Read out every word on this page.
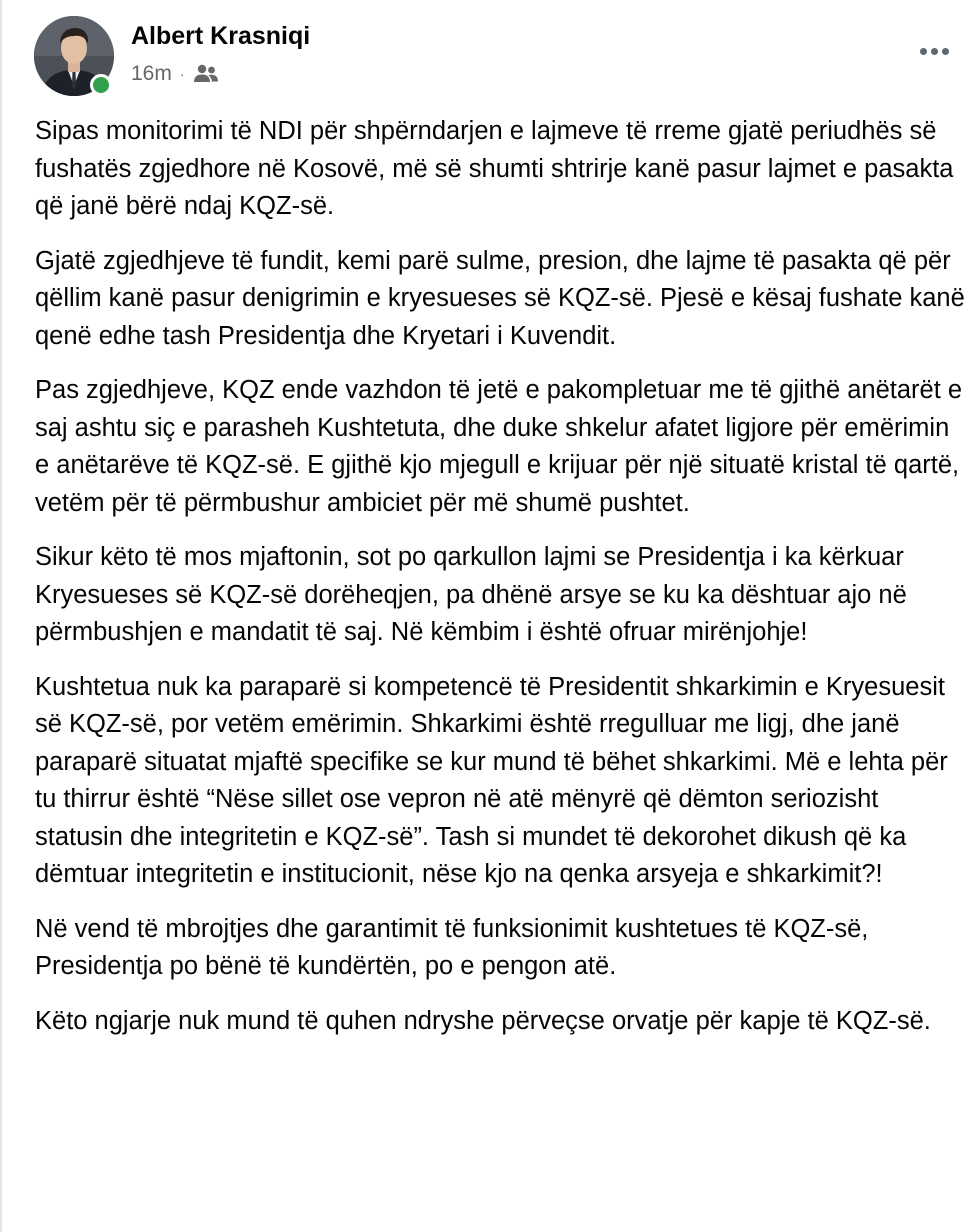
Albert Krasniqi
16m ·

Sipas monitorimi të NDI për shpërndarjen e lajmeve të rreme gjatë periudhës së fushatës zgjedhore në Kosovë, më së shumti shtrirje kanë pasur lajmet e pasakta që janë bërë ndaj KQZ-së.

Gjatë zgjedhjeve të fundit, kemi parë sulme, presion, dhe lajme të pasakta që për qëllim kanë pasur denigrimin e kryesueses së KQZ-së. Pjesë e kësaj fushate kanë qenë edhe tash Presidentja dhe Kryetari i Kuvendit.

Pas zgjedhjeve, KQZ ende vazhdon të jetë e pakompletuar me të gjithë anëtarët e saj ashtu siç e parasheh Kushtetuta, dhe duke shkelur afatet ligjore për emërimin e anëtarëve të KQZ-së. E gjithë kjo mjegull e krijuar për një situatë kristal të qartë, vetëm për të përmbushur ambiciet për më shumë pushtet.

Sikur këto të mos mjaftonin, sot po qarkullon lajmi se Presidentja i ka kërkuar Kryesueses së KQZ-së dorëheqjen, pa dhënë arsye se ku ka dështuar ajo në përmbushjen e mandatit të saj. Në këmbim i është ofruar mirënjohje!

Kushtetua nuk ka paraparë si kompetencë të Presidentit shkarkimin e Kryesuesit së KQZ-së, por vetëm emërimin. Shkarkimi është rregulluar me ligj, dhe janë paraparë situatat mjaftë specifike se kur mund të bëhet shkarkimi. Më e lehta për tu thirrur është “Nëse sillet ose vepron në atë mënyrë që dëmton seriozisht statusin dhe integritetin e KQZ-së”. Tash si mundet të dekorohet dikush që ka dëmtuar integritetin e institucionit, nëse kjo na qenka arsyeja e shkarkimit?!

Në vend të mbrojtjes dhe garantimit të funksionimit kushtetues të KQZ-së, Presidentja po bënë të kundërtën, po e pengon atë.

Këto ngjarje nuk mund të quhen ndryshe përveçse orvatje për kapje të KQZ-së.
